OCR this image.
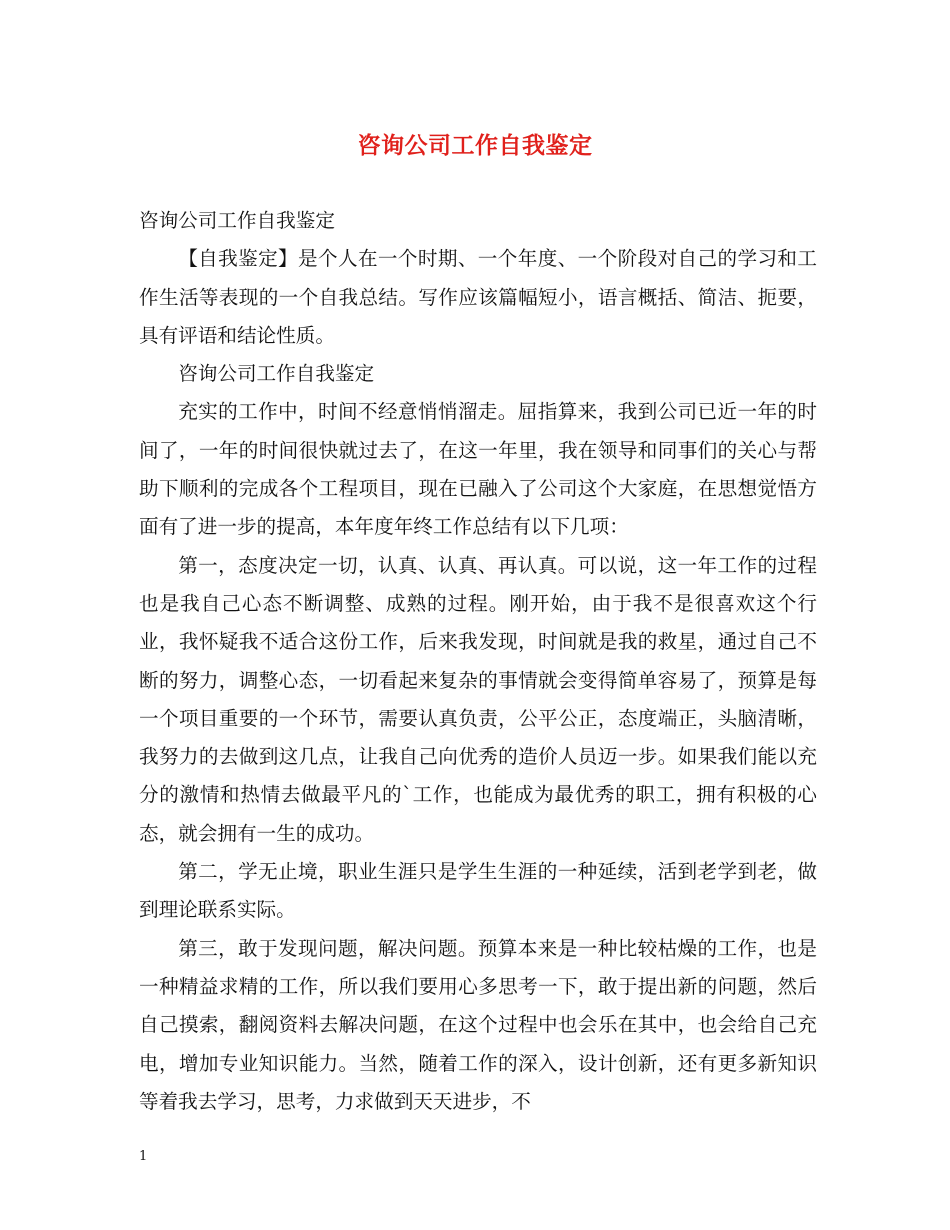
咨询公司工作自我鉴定

咨询公司工作自我鉴定

【自我鉴定】是个人在一个时期、一个年度、一个阶段对自己的学习和工作生活等表现的一个自我总结。写作应该篇幅短小，语言概括、简洁、扼要，具有评语和结论性质。

咨询公司工作自我鉴定

充实的工作中，时间不经意悄悄溜走。屈指算来，我到公司已近一年的时间了，一年的时间很快就过去了，在这一年里，我在领导和同事们的关心与帮助下顺利的完成各个工程项目，现在已融入了公司这个大家庭，在思想觉悟方面有了进一步的提高，本年度年终工作总结有以下几项：

第一，态度决定一切，认真、认真、再认真。可以说，这一年工作的过程也是我自己心态不断调整、成熟的过程。刚开始，由于我不是很喜欢这个行业，我怀疑我不适合这份工作，后来我发现，时间就是我的救星，通过自己不断的努力，调整心态，一切看起来复杂的事情就会变得简单容易了，预算是每一个项目重要的一个环节，需要认真负责，公平公正，态度端正，头脑清晰，我努力的去做到这几点，让我自己向优秀的造价人员迈一步。如果我们能以充分的激情和热情去做最平凡的`工作，也能成为最优秀的职工，拥有积极的心态，就会拥有一生的成功。

第二，学无止境，职业生涯只是学生生涯的一种延续，活到老学到老，做到理论联系实际。

第三，敢于发现问题，解决问题。预算本来是一种比较枯燥的工作，也是一种精益求精的工作，所以我们要用心多思考一下，敢于提出新的问题，然后自己摸索，翻阅资料去解决问题，在这个过程中也会乐在其中，也会给自己充电，增加专业知识能力。当然，随着工作的深入，设计创新，还有更多新知识等着我去学习，思考，力求做到天天进步，不

1
